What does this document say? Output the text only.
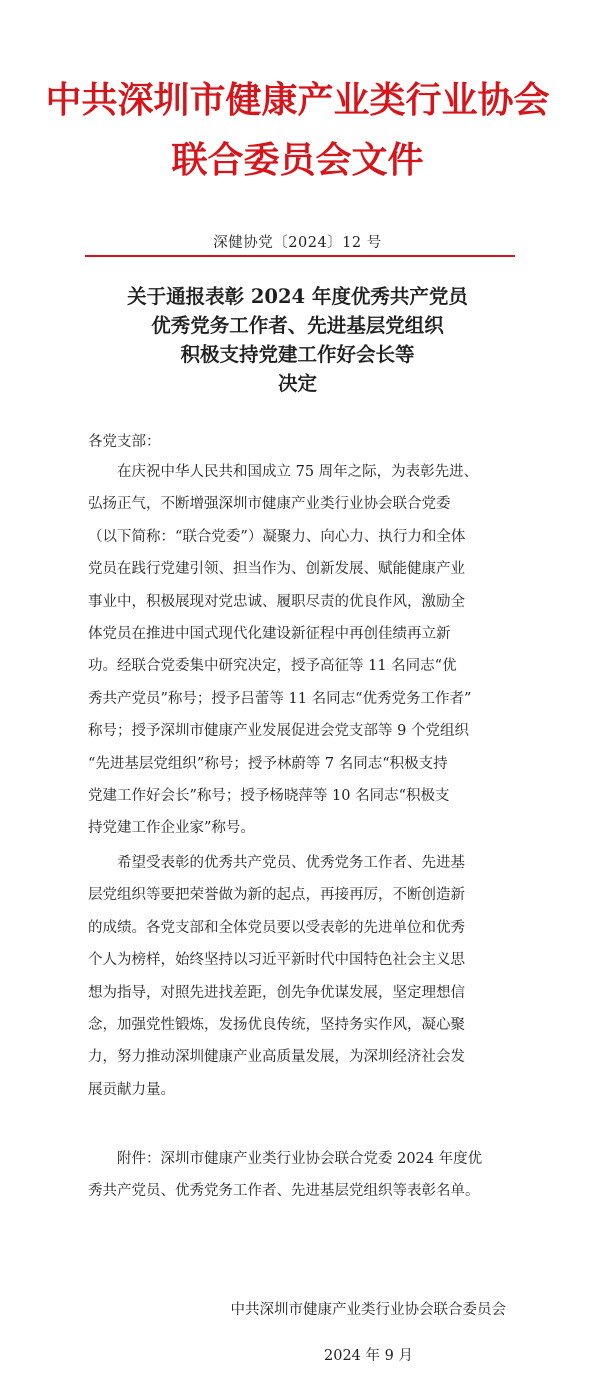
中共深圳市健康产业类行业协会
联合委员会文件
深健协党〔2024〕12 号
关于通报表彰 2024 年度优秀共产党员
优秀党务工作者、先进基层党组织
积极支持党建工作好会长等
决定
各党支部：
　　在庆祝中华人民共和国成立 75 周年之际，为表彰先进、
弘扬正气，不断增强深圳市健康产业类行业协会联合党委
（以下简称：“联合党委”）凝聚力、向心力、执行力和全体
党员在践行党建引领、担当作为、创新发展、赋能健康产业
事业中，积极展现对党忠诚、履职尽责的优良作风，激励全
体党员在推进中国式现代化建设新征程中再创佳绩再立新
功。经联合党委集中研究决定，授予高征等 11 名同志“优
秀共产党员”称号；授予吕蕾等 11 名同志“优秀党务工作者”
称号；授予深圳市健康产业发展促进会党支部等 9 个党组织
“先进基层党组织”称号；授予林蔚等 7 名同志“积极支持
党建工作好会长”称号；授予杨晓萍等 10 名同志“积极支
持党建工作企业家”称号。
　　希望受表彰的优秀共产党员、优秀党务工作者、先进基
层党组织等要把荣誉做为新的起点，再接再厉，不断创造新
的成绩。各党支部和全体党员要以受表彰的先进单位和优秀
个人为榜样，始终坚持以习近平新时代中国特色社会主义思
想为指导，对照先进找差距，创先争优谋发展，坚定理想信
念，加强党性锻炼，发扬优良传统，坚持务实作风，凝心聚
力，努力推动深圳健康产业高质量发展，为深圳经济社会发
展贡献力量。
　　附件：深圳市健康产业类行业协会联合党委 2024 年度优
秀共产党员、优秀党务工作者、先进基层党组织等表彰名单。
中共深圳市健康产业类行业协会联合委员会
2024 年 9 月
